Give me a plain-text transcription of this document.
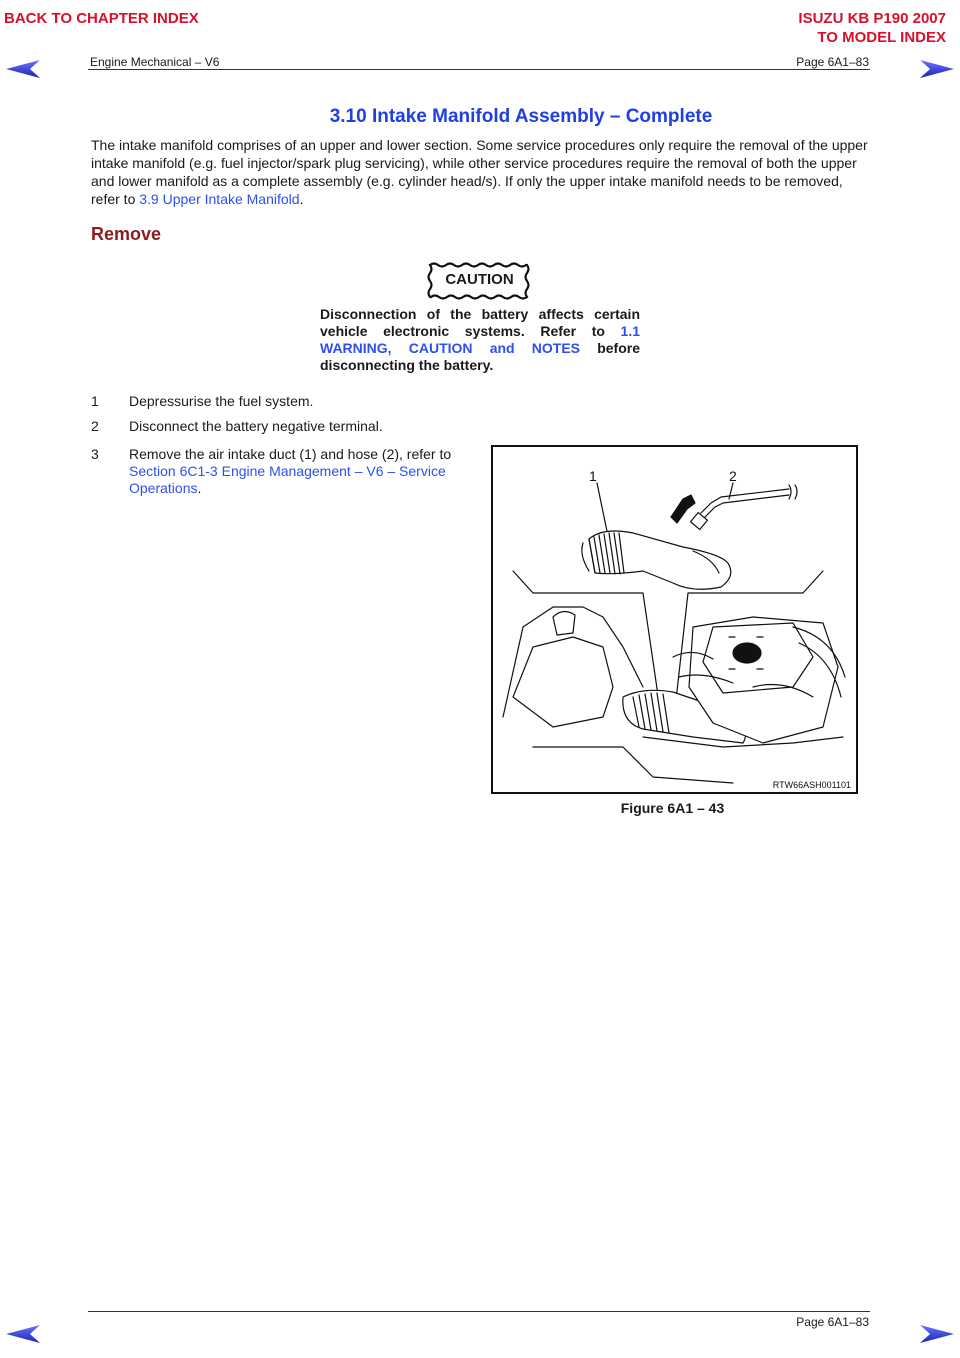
BACK TO CHAPTER INDEX	ISUZU KB P190 2007
TO MODEL INDEX
Engine Mechanical – V6	Page 6A1–83
3.10 Intake Manifold Assembly – Complete
The intake manifold comprises of an upper and lower section. Some service procedures only require the removal of the upper intake manifold (e.g. fuel injector/spark plug servicing), while other service procedures require the removal of both the upper and lower manifold as a complete assembly (e.g. cylinder head/s). If only the upper intake manifold needs to be removed, refer to 3.9 Upper Intake Manifold.
Remove
CAUTION
Disconnection of the battery affects certain vehicle electronic systems. Refer to 1.1 WARNING, CAUTION and NOTES before disconnecting the battery.
1 Depressurise the fuel system.
2 Disconnect the battery negative terminal.
3 Remove the air intake duct (1) and hose (2), refer to Section 6C1-3 Engine Management – V6 – Service Operations.
1	2
RTW66ASH001101
Figure 6A1 – 43
Page 6A1–83
